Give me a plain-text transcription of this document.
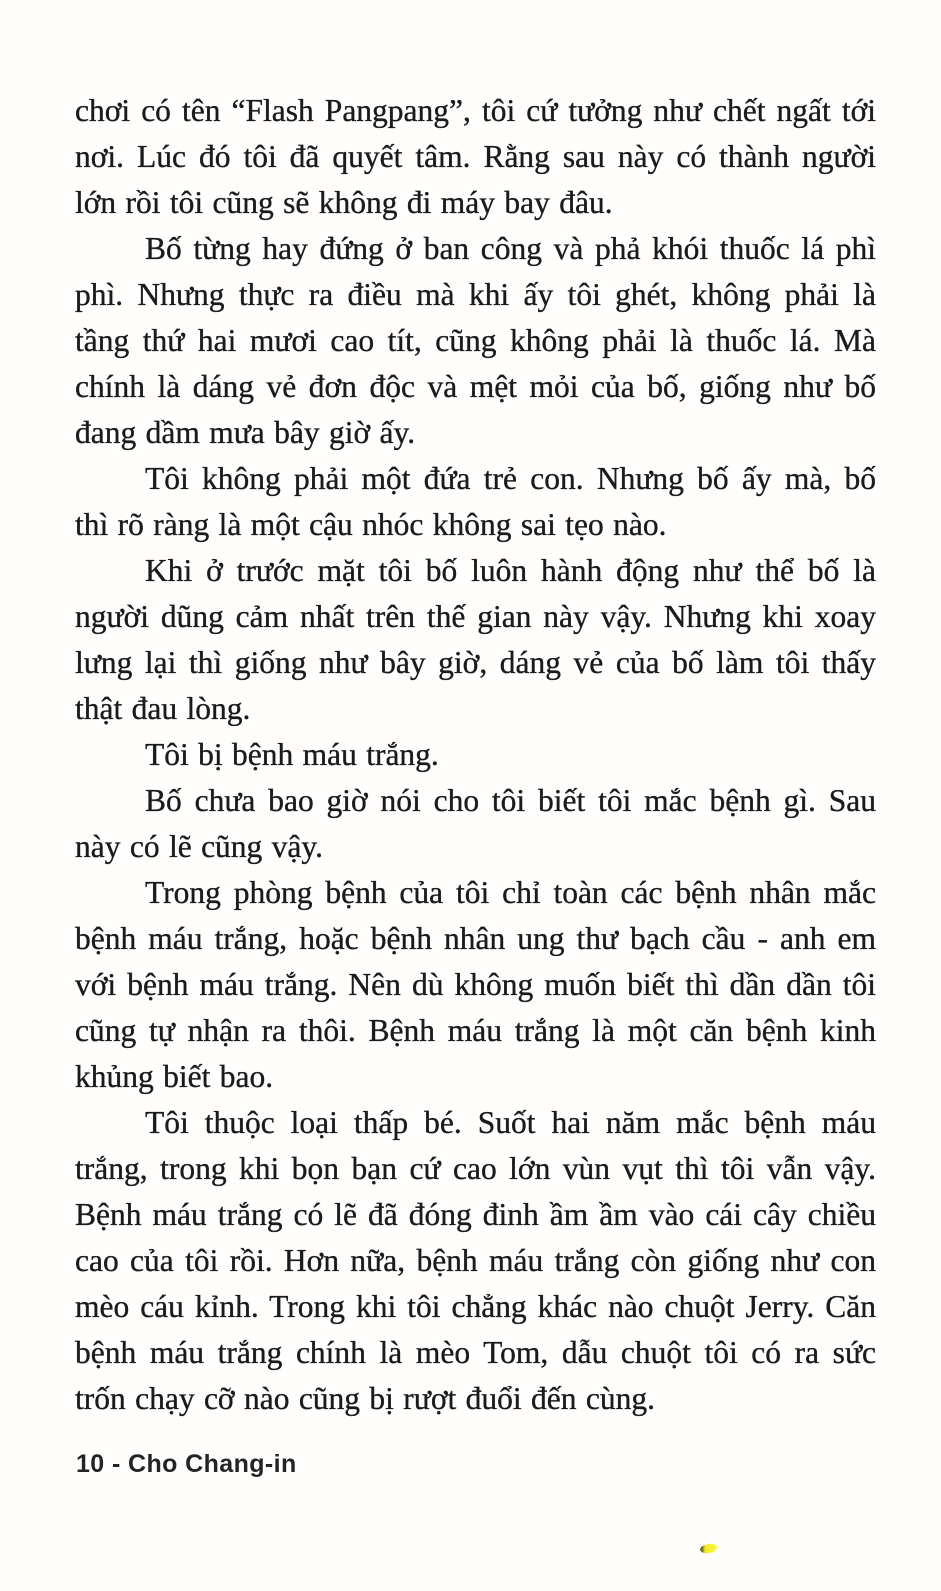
chơi có tên “Flash Pangpang”, tôi cứ tưởng như chết ngất tới nơi. Lúc đó tôi đã quyết tâm. Rằng sau này có thành người lớn rồi tôi cũng sẽ không đi máy bay đâu.

Bố từng hay đứng ở ban công và phả khói thuốc lá phì phì. Nhưng thực ra điều mà khi ấy tôi ghét, không phải là tầng thứ hai mươi cao tít, cũng không phải là thuốc lá. Mà chính là dáng vẻ đơn độc và mệt mỏi của bố, giống như bố đang dầm mưa bây giờ ấy.

Tôi không phải một đứa trẻ con. Nhưng bố ấy mà, bố thì rõ ràng là một cậu nhóc không sai tẹo nào.

Khi ở trước mặt tôi bố luôn hành động như thể bố là người dũng cảm nhất trên thế gian này vậy. Nhưng khi xoay lưng lại thì giống như bây giờ, dáng vẻ của bố làm tôi thấy thật đau lòng.

Tôi bị bệnh máu trắng.

Bố chưa bao giờ nói cho tôi biết tôi mắc bệnh gì. Sau này có lẽ cũng vậy.

Trong phòng bệnh của tôi chỉ toàn các bệnh nhân mắc bệnh máu trắng, hoặc bệnh nhân ung thư bạch cầu - anh em với bệnh máu trắng. Nên dù không muốn biết thì dần dần tôi cũng tự nhận ra thôi. Bệnh máu trắng là một căn bệnh kinh khủng biết bao.

Tôi thuộc loại thấp bé. Suốt hai năm mắc bệnh máu trắng, trong khi bọn bạn cứ cao lớn vùn vụt thì tôi vẫn vậy. Bệnh máu trắng có lẽ đã đóng đinh ầm ầm vào cái cây chiều cao của tôi rồi. Hơn nữa, bệnh máu trắng còn giống như con mèo cáu kỉnh. Trong khi tôi chẳng khác nào chuột Jerry. Căn bệnh máu trắng chính là mèo Tom, dẫu chuột tôi có ra sức trốn chạy cỡ nào cũng bị rượt đuổi đến cùng.

10 - Cho Chang-in
